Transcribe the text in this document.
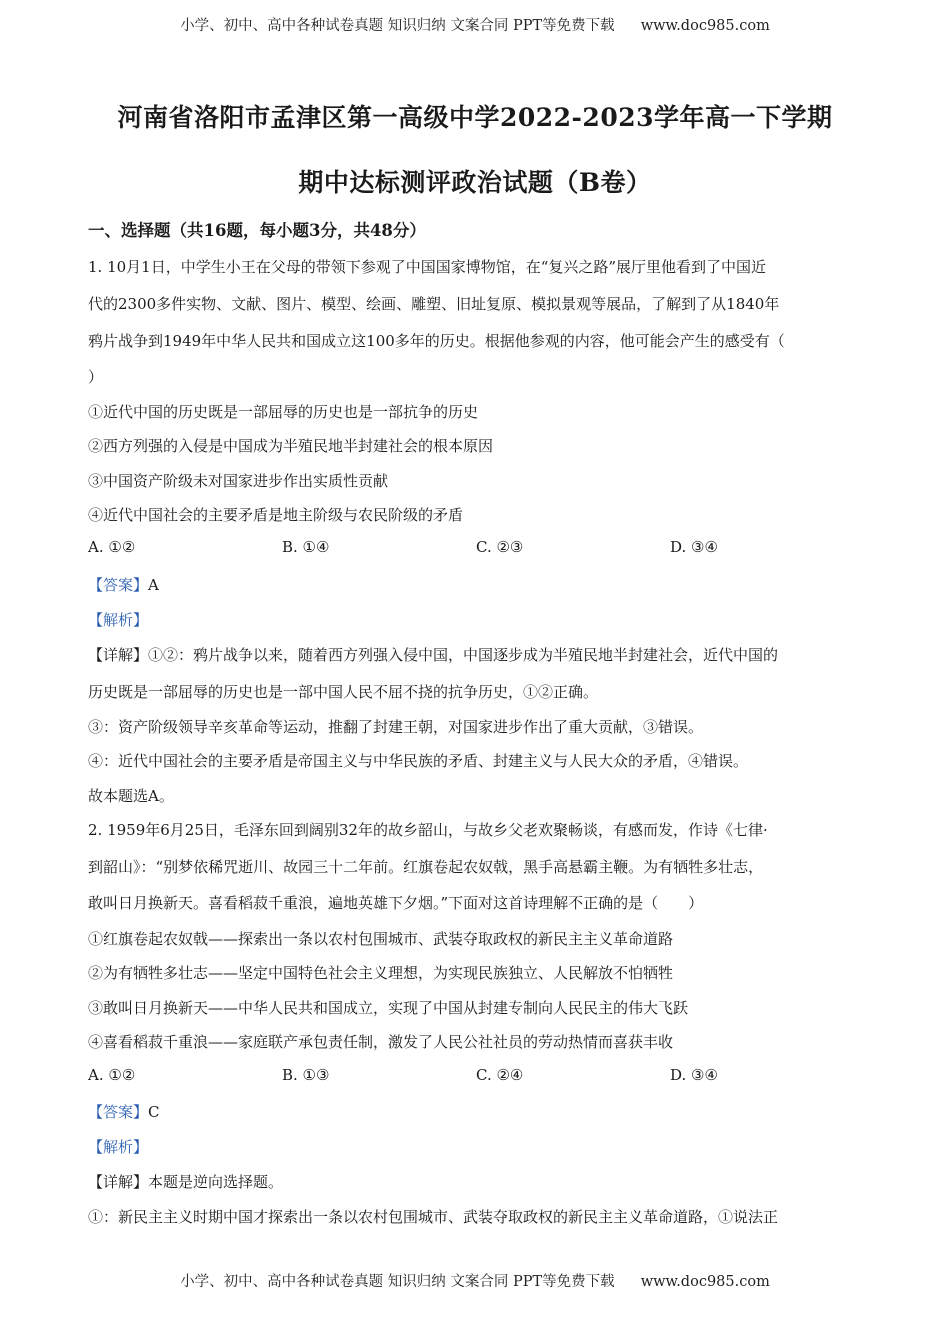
小学、初中、高中各种试卷真题 知识归纳 文案合同 PPT等免费下载 www.doc985.com
河南省洛阳市孟津区第一高级中学2022-2023学年高一下学期
期中达标测评政治试题（B卷）
一、选择题（共16题，每小题3分，共48分）
1. 10月1日，中学生小王在父母的带领下参观了中国国家博物馆，在“复兴之路”展厅里他看到了中国近
代的2300多件实物、文献、图片、模型、绘画、雕塑、旧址复原、模拟景观等展品，了解到了从1840年
鸦片战争到1949年中华人民共和国成立这100多年的历史。根据他参观的内容，他可能会产生的感受有（
）
①近代中国的历史既是一部屈辱的历史也是一部抗争的历史
②西方列强的入侵是中国成为半殖民地半封建社会的根本原因
③中国资产阶级未对国家进步作出实质性贡献
④近代中国社会的主要矛盾是地主阶级与农民阶级的矛盾
A. ①②	B. ①④	C. ②③	D. ③④
【答案】A
【解析】
【详解】①②：鸦片战争以来，随着西方列强入侵中国，中国逐步成为半殖民地半封建社会，近代中国的
历史既是一部屈辱的历史也是一部中国人民不屈不挠的抗争历史，①②正确。
③：资产阶级领导辛亥革命等运动，推翻了封建王朝，对国家进步作出了重大贡献，③错误。
④：近代中国社会的主要矛盾是帝国主义与中华民族的矛盾、封建主义与人民大众的矛盾，④错误。
故本题选A。
2. 1959年6月25日，毛泽东回到阔别32年的故乡韶山，与故乡父老欢聚畅谈，有感而发，作诗《七律·
到韶山》：“别梦依稀咒逝川、故园三十二年前。红旗卷起农奴戟，黑手高悬霸主鞭。为有牺牲多壮志，
敢叫日月换新天。喜看稻菽千重浪，遍地英雄下夕烟。”下面对这首诗理解不正确的是（　　）
①红旗卷起农奴戟——探索出一条以农村包围城市、武装夺取政权的新民主主义革命道路
②为有牺牲多壮志——坚定中国特色社会主义理想，为实现民族独立、人民解放不怕牺牲
③敢叫日月换新天——中华人民共和国成立，实现了中国从封建专制向人民民主的伟大飞跃
④喜看稻菽千重浪——家庭联产承包责任制，激发了人民公社社员的劳动热情而喜获丰收
A. ①②	B. ①③	C. ②④	D. ③④
【答案】C
【解析】
【详解】本题是逆向选择题。
①：新民主主义时期中国才探索出一条以农村包围城市、武装夺取政权的新民主主义革命道路，①说法正
小学、初中、高中各种试卷真题 知识归纳 文案合同 PPT等免费下载 www.doc985.com
